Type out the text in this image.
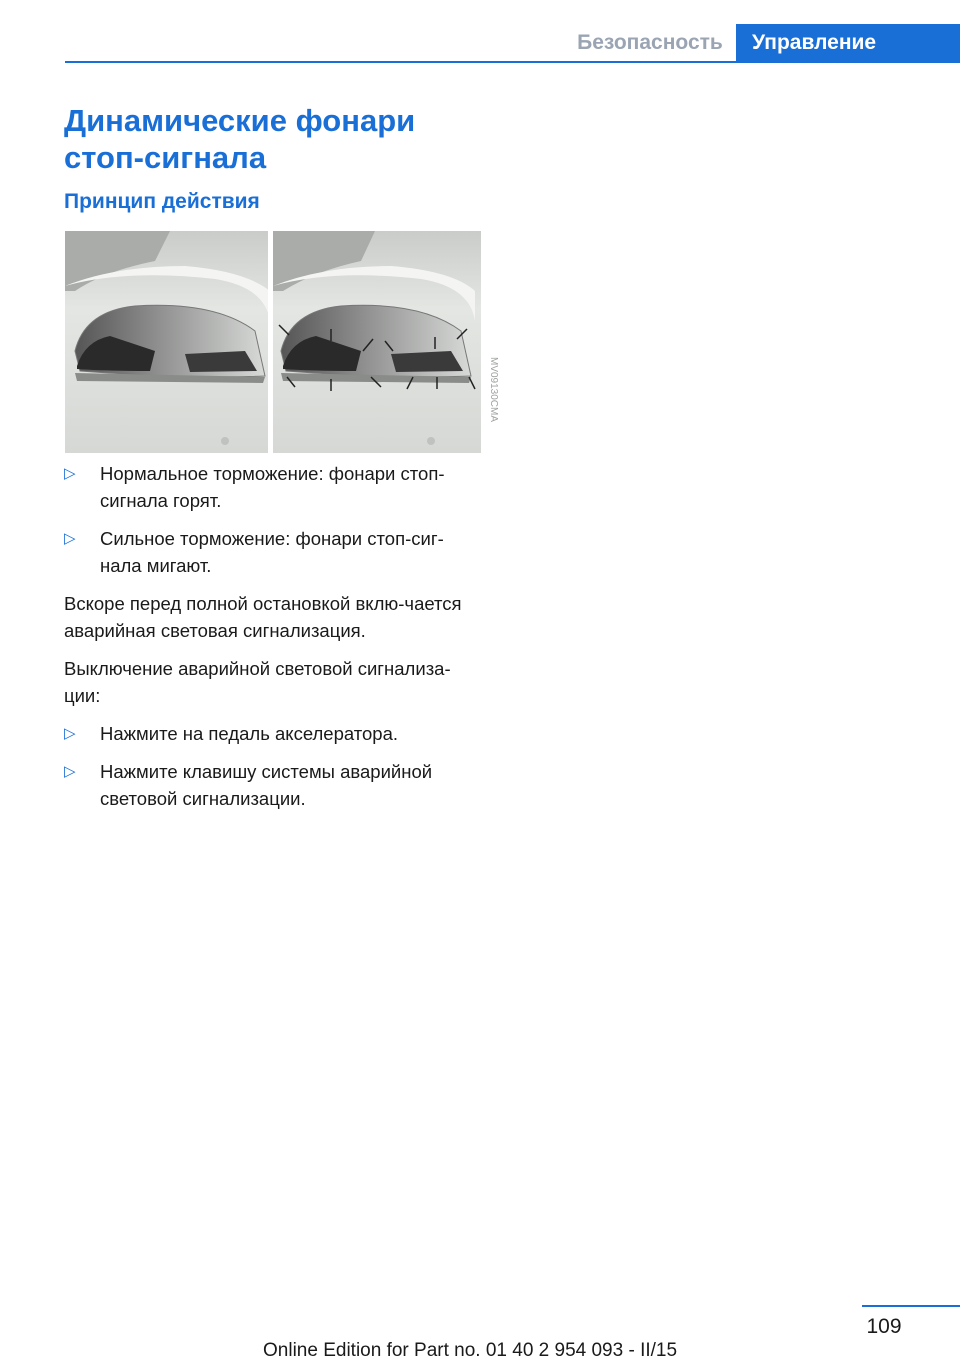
Безопасность	Управление
Динамические фонари стоп-сигнала
Принцип действия
MV09130CMA
▷ Нормальное торможение: фонари стоп-сигнала горят.
▷ Сильное торможение: фонари стоп-сиг-нала мигают.

Вскоре перед полной остановкой вклю-чается аварийная световая сигнализация.

Выключение аварийной световой сигнализа-ции:

▷ Нажмите на педаль акселератора.
▷ Нажмите клавишу системы аварийной световой сигнализации.
109
Online Edition for Part no. 01 40 2 954 093 - II/15
